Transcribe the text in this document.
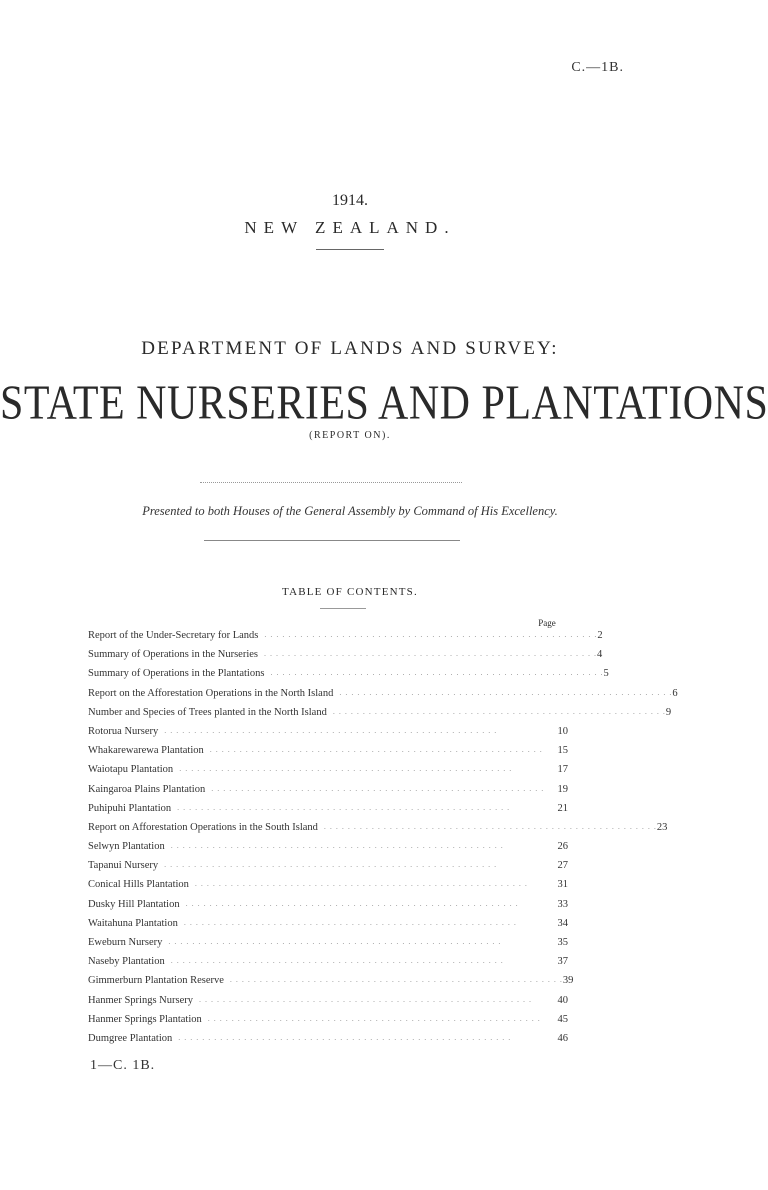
C.—1B.
1914.
NEW ZEALAND.
DEPARTMENT OF LANDS AND SURVEY:
STATE NURSERIES AND PLANTATIONS
(REPORT ON).
Presented to both Houses of the General Assembly by Command of His Excellency.
TABLE OF CONTENTS.
Page
Report of the Under-Secretary for Lands . . . . . . . . . . . . . . . . . . . . . . . . . . . . . . . . . . . . . . . . . . . . . . . . . . . . . . . . 2
Summary of Operations in the Nurseries . . . . . . . . . . . . . . . . . . . . . . . . . . . . . . . . . . . . . . . . . . . . . . . . . . . . . . . . 4
Summary of Operations in the Plantations . . . . . . . . . . . . . . . . . . . . . . . . . . . . . . . . . . . . . . . . . . . . . . . . . . . . . . . . 5
Report on the Afforestation Operations in the North Island . . . . . . . . . . . . . . . . . . . . . . . . . . . . . . . . . . . . . . . . . . . . . . . . . . . . . . . . 6
Number and Species of Trees planted in the North Island . . . . . . . . . . . . . . . . . . . . . . . . . . . . . . . . . . . . . . . . . . . . . . . . . . . . . . . . 9
Rotorua Nursery . . . . . . . . . . . . . . . . . . . . . . . . . . . . . . . . . . . . . . . . . . . . . . . . . . . . . . . .	10
Whakarewarewa Plantation . . . . . . . . . . . . . . . . . . . . . . . . . . . . . . . . . . . . . . . . . . . . . . . . . . . . . . . .	15
Waiotapu Plantation . . . . . . . . . . . . . . . . . . . . . . . . . . . . . . . . . . . . . . . . . . . . . . . . . . . . . . . .	17
Kaingaroa Plains Plantation . . . . . . . . . . . . . . . . . . . . . . . . . . . . . . . . . . . . . . . . . . . . . . . . . . . . . . . .	19
Puhipuhi Plantation . . . . . . . . . . . . . . . . . . . . . . . . . . . . . . . . . . . . . . . . . . . . . . . . . . . . . . . .	21
Report on Afforestation Operations in the South Island . . . . . . . . . . . . . . . . . . . . . . . . . . . . . . . . . . . . . . . . . . . . . . . . . . . . . . . . 23
Selwyn Plantation . . . . . . . . . . . . . . . . . . . . . . . . . . . . . . . . . . . . . . . . . . . . . . . . . . . . . . . .	26
Tapanui Nursery . . . . . . . . . . . . . . . . . . . . . . . . . . . . . . . . . . . . . . . . . . . . . . . . . . . . . . . .	27
Conical Hills Plantation . . . . . . . . . . . . . . . . . . . . . . . . . . . . . . . . . . . . . . . . . . . . . . . . . . . . . . . .	31
Dusky Hill Plantation . . . . . . . . . . . . . . . . . . . . . . . . . . . . . . . . . . . . . . . . . . . . . . . . . . . . . . . .	33
Waitahuna Plantation . . . . . . . . . . . . . . . . . . . . . . . . . . . . . . . . . . . . . . . . . . . . . . . . . . . . . . . .	34
Eweburn Nursery . . . . . . . . . . . . . . . . . . . . . . . . . . . . . . . . . . . . . . . . . . . . . . . . . . . . . . . .	35
Naseby Plantation . . . . . . . . . . . . . . . . . . . . . . . . . . . . . . . . . . . . . . . . . . . . . . . . . . . . . . . .	37
Gimmerburn Plantation Reserve . . . . . . . . . . . . . . . . . . . . . . . . . . . . . . . . . . . . . . . . . . . . . . . . . . . . . . . . 39
Hanmer Springs Nursery . . . . . . . . . . . . . . . . . . . . . . . . . . . . . . . . . . . . . . . . . . . . . . . . . . . . . . . .	40
Hanmer Springs Plantation . . . . . . . . . . . . . . . . . . . . . . . . . . . . . . . . . . . . . . . . . . . . . . . . . . . . . . . .	45
Dumgree Plantation . . . . . . . . . . . . . . . . . . . . . . . . . . . . . . . . . . . . . . . . . . . . . . . . . . . . . . . .	46
1—C. 1B.
